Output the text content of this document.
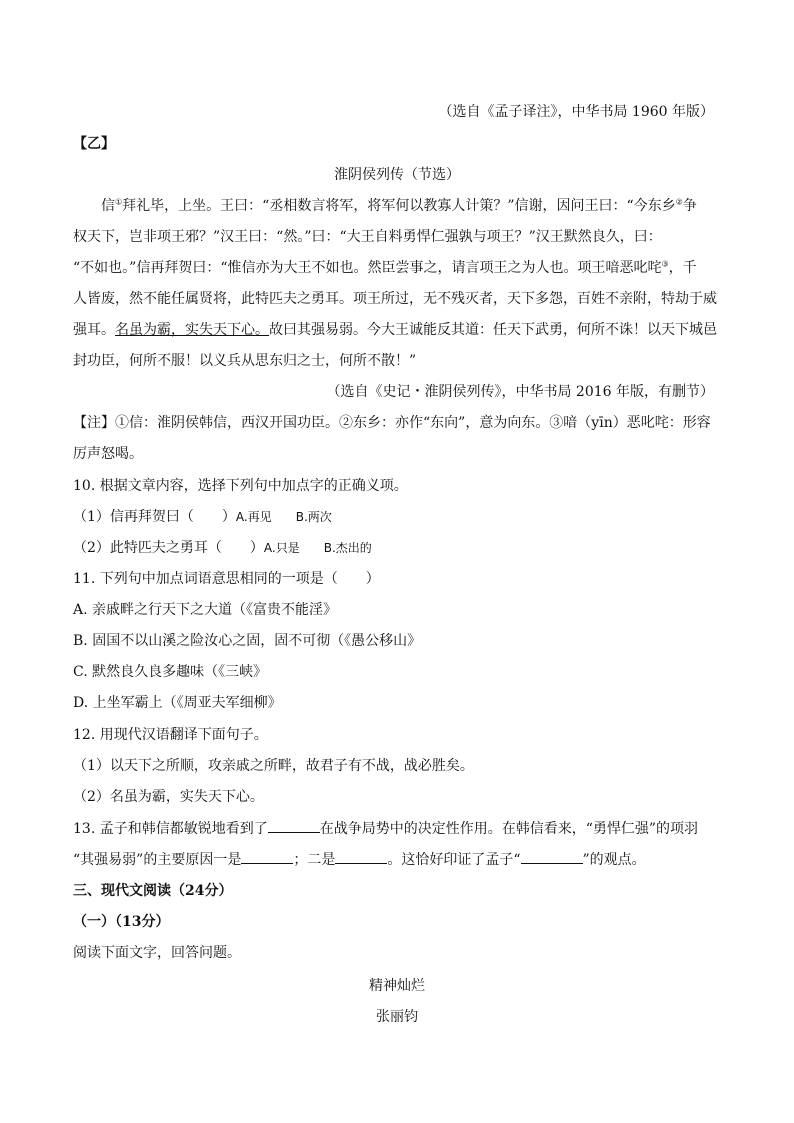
（选自《孟子译注》，中华书局 1960 年版）
【乙】
淮阴侯列传（节选）
信①拜礼毕，上坐。王曰：“丞相数言将军，将军何以教寡人计策？”信谢，因问王曰：“今东乡②争
权天下，岂非项王邪？”汉王曰：“然。”曰：“大王自料勇悍仁强孰与项王？”汉王默然良久，曰：
“不如也。”信再拜贺曰：“惟信亦为大王不如也。然臣尝事之，请言项王之为人也。项王喑恶叱咤③，千
人皆废，然不能任属贤将，此特匹夫之勇耳。项王所过，无不残灭者，天下多怨，百姓不亲附，特劫于威
强耳。名虽为霸，实失天下心。故曰其强易弱。今大王诚能反其道：任天下武勇，何所不诛！以天下城邑
封功臣，何所不服！以义兵从思东归之士，何所不散！”
（选自《史记・淮阴侯列传》，中华书局 2016 年版，有删节）
【注】①信：淮阴侯韩信，西汉开国功臣。②东乡：亦作“东向”，意为向东。③喑（yīn）恶叱咤：形容
厉声怒喝。
10. 根据文章内容，选择下列句中加点字的正确义项。
（1）信再拜贺曰（　　）A.再见　　B.两次
（2）此特匹夫之勇耳（　　）A.只是　　B.杰出的
11. 下列句中加点词语意思相同的一项是（　　）
A. 亲戚畔之行天下之大道（《富贵不能淫》
B. 固国不以山溪之险汝心之固，固不可彻（《愚公移山》
C. 默然良久良多趣味（《三峡》
D. 上坐军霸上（《周亚夫军细柳》
12. 用现代汉语翻译下面句子。
（1）以天下之所顺，攻亲戚之所畔，故君子有不战，战必胜矣。
（2）名虽为霸，实失天下心。
13. 孟子和韩信都敏锐地看到了	在战争局势中的决定性作用。在韩信看来，“勇悍仁强”的项羽
“其强易弱”的主要原因一是	；二是	。这恰好印证了孟子“	”的观点。
三、现代文阅读（24分）
（一）（13分）
阅读下面文字，回答问题。
精神灿烂
张丽钧
